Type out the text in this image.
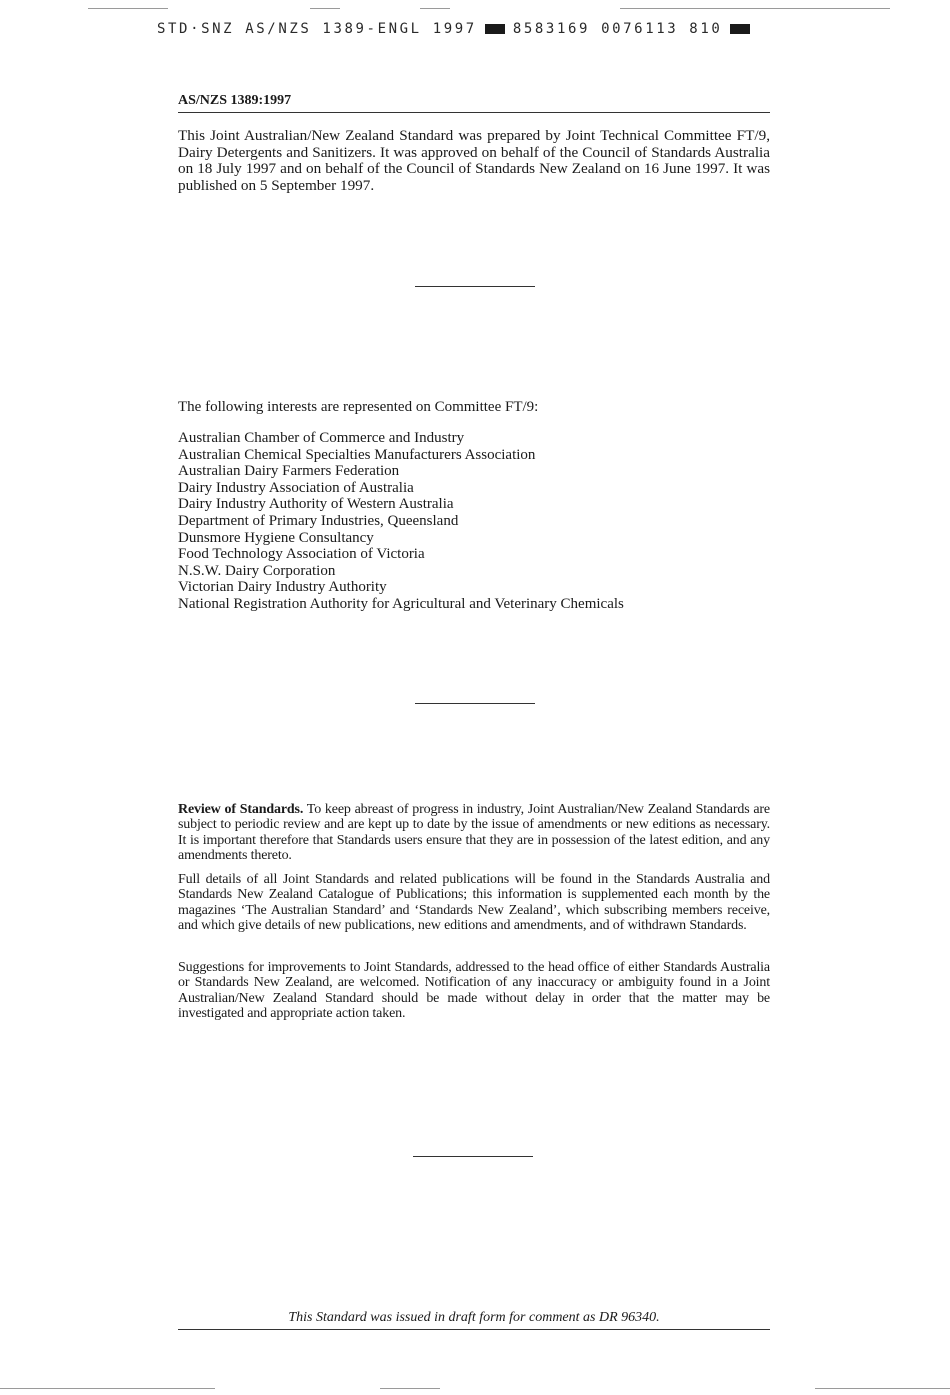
STD·SNZ AS/NZS 1389-ENGL 1997	8583169 0076113 810
AS/NZS 1389:1997

This Joint Australian/New Zealand Standard was prepared by Joint Technical Committee FT/9, Dairy Detergents and Sanitizers. It was approved on behalf of the Council of Standards Australia on 18 July 1997 and on behalf of the Council of Standards New Zealand on 16 June 1997. It was published on 5 September 1997.

The following interests are represented on Committee FT/9:

Australian Chamber of Commerce and Industry
Australian Chemical Specialties Manufacturers Association
Australian Dairy Farmers Federation
Dairy Industry Association of Australia
Dairy Industry Authority of Western Australia
Department of Primary Industries, Queensland
Dunsmore Hygiene Consultancy
Food Technology Association of Victoria
N.S.W. Dairy Corporation
Victorian Dairy Industry Authority
National Registration Authority for Agricultural and Veterinary Chemicals

Review of Standards. To keep abreast of progress in industry, Joint Australian/New Zealand Standards are subject to periodic review and are kept up to date by the issue of amendments or new editions as necessary. It is important therefore that Standards users ensure that they are in possession of the latest edition, and any amendments thereto.

Full details of all Joint Standards and related publications will be found in the Standards Australia and Standards New Zealand Catalogue of Publications; this information is supplemented each month by the magazines ‘The Australian Standard’ and ‘Standards New Zealand’, which subscribing members receive, and which give details of new publications, new editions and amendments, and of withdrawn Standards.

Suggestions for improvements to Joint Standards, addressed to the head office of either Standards Australia or Standards New Zealand, are welcomed. Notification of any inaccuracy or ambiguity found in a Joint Australian/New Zealand Standard should be made without delay in order that the matter may be investigated and appropriate action taken.

This Standard was issued in draft form for comment as DR 96340.
